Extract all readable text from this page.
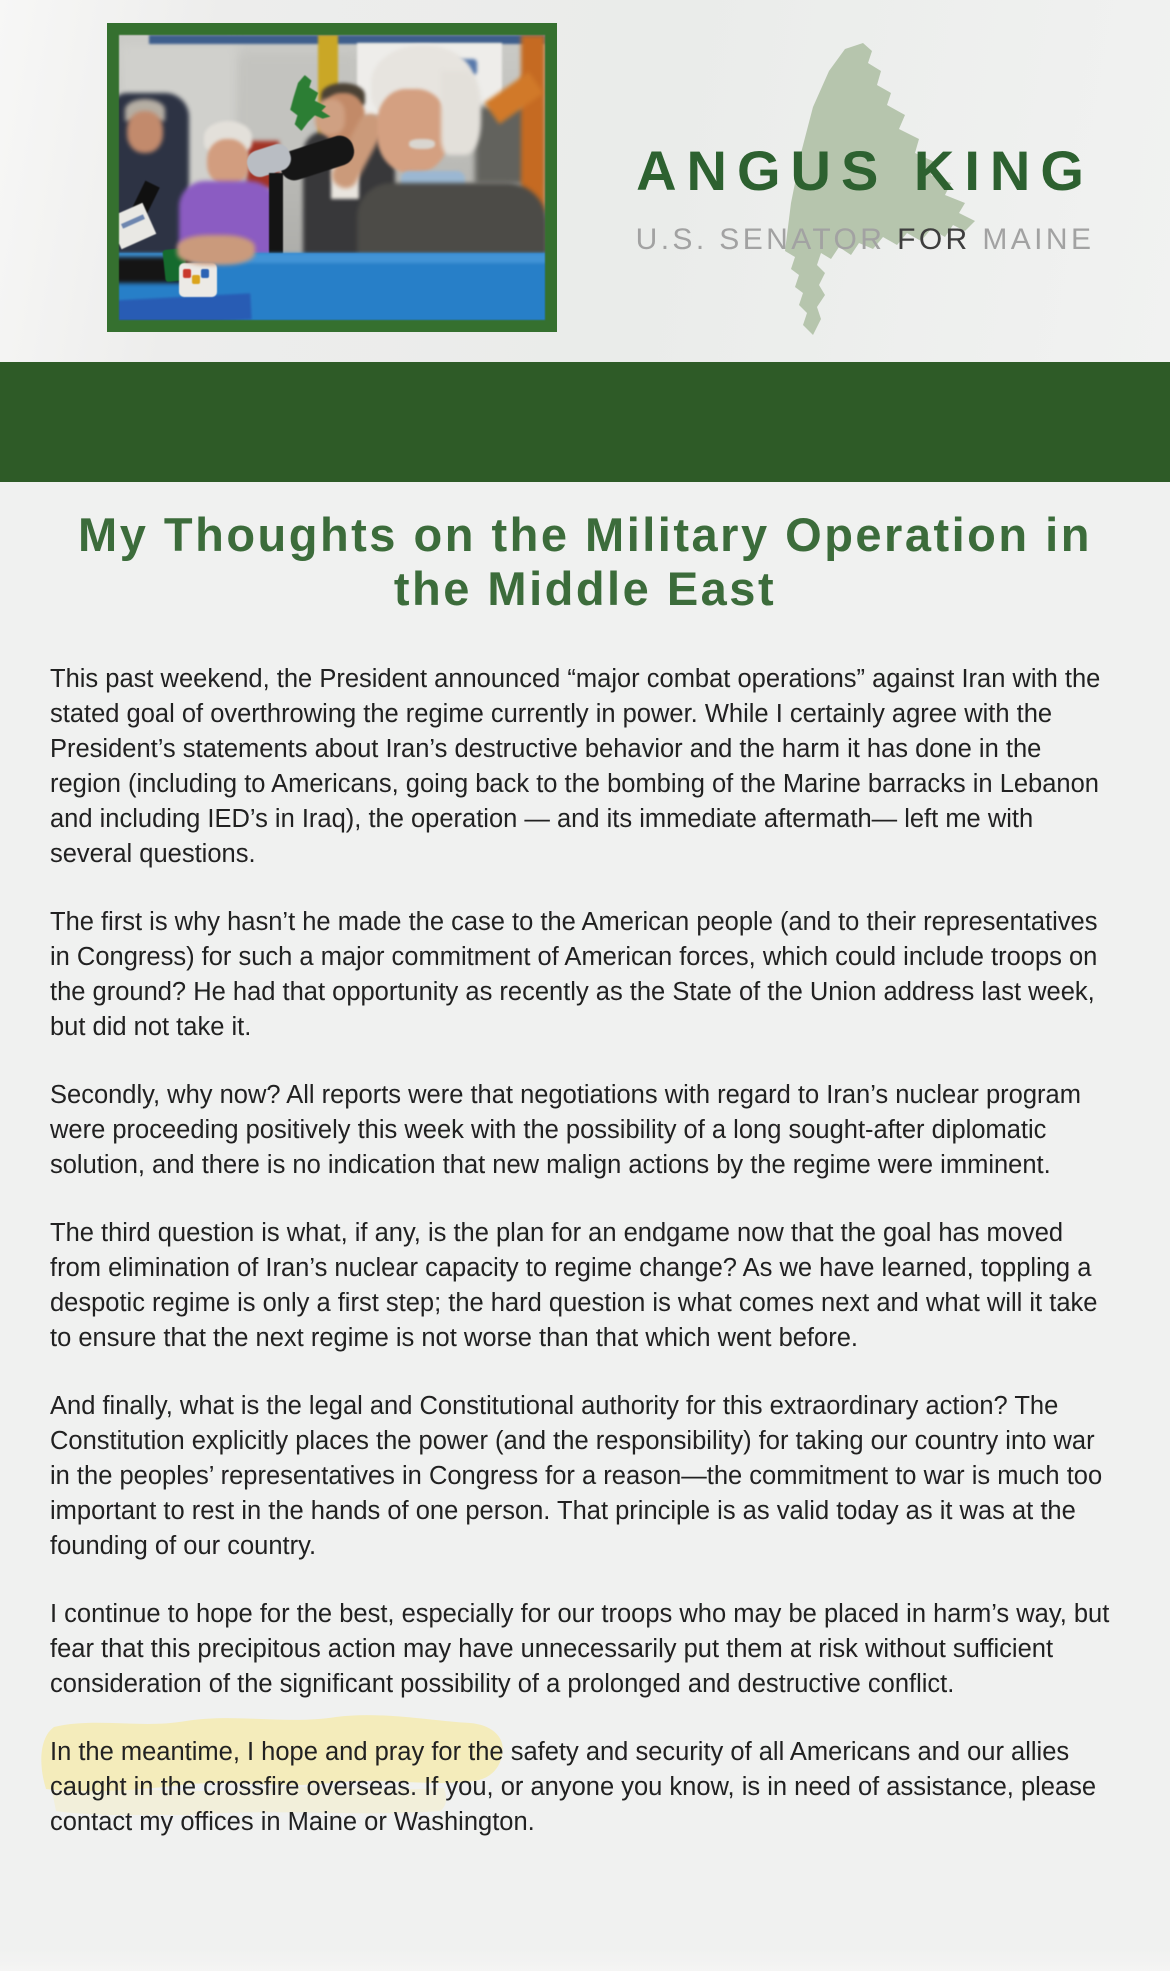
ANGUS KING
U.S. SENATOR FOR MAINE
My Thoughts on the Military Operation in the Middle East

This past weekend, the President announced “major combat operations” against Iran with the stated goal of overthrowing the regime currently in power. While I certainly agree with the President’s statements about Iran’s destructive behavior and the harm it has done in the region (including to Americans, going back to the bombing of the Marine barracks in Lebanon and including IED’s in Iraq), the operation — and its immediate aftermath— left me with several questions.

The first is why hasn’t he made the case to the American people (and to their representatives in Congress) for such a major commitment of American forces, which could include troops on the ground? He had that opportunity as recently as the State of the Union address last week, but did not take it.

Secondly, why now? All reports were that negotiations with regard to Iran’s nuclear program were proceeding positively this week with the possibility of a long sought-after diplomatic solution, and there is no indication that new malign actions by the regime were imminent.

The third question is what, if any, is the plan for an endgame now that the goal has moved from elimination of Iran’s nuclear capacity to regime change? As we have learned, toppling a despotic regime is only a first step; the hard question is what comes next and what will it take to ensure that the next regime is not worse than that which went before.

And finally, what is the legal and Constitutional authority for this extraordinary action? The Constitution explicitly places the power (and the responsibility) for taking our country into war in the peoples’ representatives in Congress for a reason—the commitment to war is much too important to rest in the hands of one person. That principle is as valid today as it was at the founding of our country.

I continue to hope for the best, especially for our troops who may be placed in harm’s way, but fear that this precipitous action may have unnecessarily put them at risk without sufficient consideration of the significant possibility of a prolonged and destructive conflict.

In the meantime, I hope and pray for the safety and security of all Americans and our allies caught in the crossfire overseas. If you, or anyone you know, is in need of assistance, please contact my offices in Maine or Washington.
